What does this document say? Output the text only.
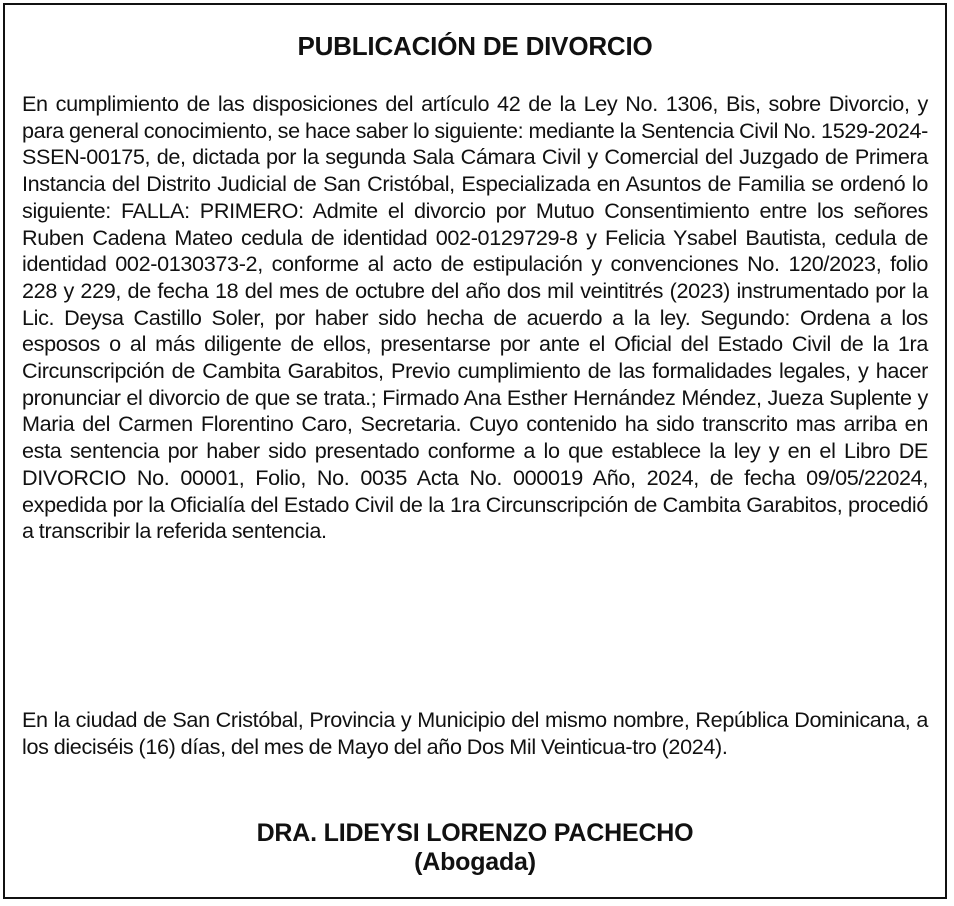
PUBLICACIÓN DE DIVORCIO

En cumplimiento de las disposiciones del artículo 42 de la Ley No. 1306, Bis, sobre Divorcio, y para general conocimiento, se hace saber lo siguiente: mediante la Sentencia Civil No. 1529-2024-SSEN-00175, de, dictada por la segunda Sala Cámara Civil y Comercial del Juzgado de Primera Instancia del Distrito Judicial de San Cristóbal, Especializada en Asuntos de Familia se ordenó lo siguiente: FALLA: PRIMERO: Admite el divorcio por Mutuo Consentimiento entre los señores Ruben Cadena Mateo cedula de identidad 002-0129729-8 y Felicia Ysabel Bautista, cedula de identidad 002-0130373-2, conforme al acto de estipulación y convenciones No. 120/2023, folio 228 y 229, de fecha 18 del mes de octubre del año dos mil veintitrés (2023) instrumentado por la Lic. Deysa Castillo Soler, por haber sido hecha de acuerdo a la ley. Segundo: Ordena a los esposos o al más diligente de ellos, presentarse por ante el Oficial del Estado Civil de la 1ra Circunscripción de Cambita Garabitos, Previo cumplimiento de las formalidades legales, y hacer pronunciar el divorcio de que se trata.; Firmado Ana Esther Hernández Méndez, Jueza Suplente y Maria del Carmen Florentino Caro, Secretaria. Cuyo contenido ha sido transcrito mas arriba en esta sentencia por haber sido presentado conforme a lo que establece la ley y en el Libro DE DIVORCIO No. 00001, Folio, No. 0035 Acta No. 000019 Año, 2024, de fecha 09/05/22024, expedida por la Oficialía del Estado Civil de la 1ra Circunscripción de Cambita Garabitos, procedió a transcribir la referida sentencia.

En la ciudad de San Cristóbal, Provincia y Municipio del mismo nombre, República Dominicana, a los dieciséis (16) días, del mes de Mayo del año Dos Mil Veinticua-tro (2024).

DRA. LIDEYSI LORENZO PACHECHO
(Abogada)
